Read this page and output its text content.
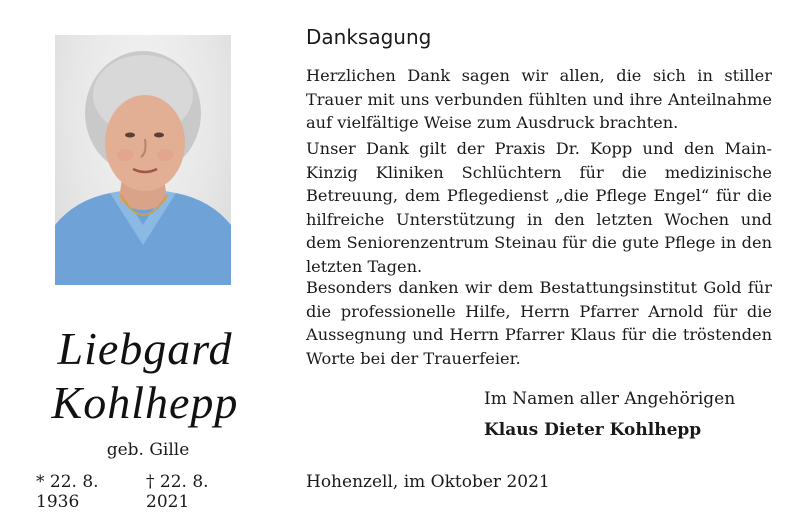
Liebgard
Kohlhepp
geb. Gille
* 22. 8. 1936
† 22. 8. 2021
Danksagung

Herzlichen Dank sagen wir allen, die sich in stiller Trauer mit uns verbunden fühlten und ihre Anteilnahme auf vielfältige Weise zum Ausdruck brachten.

Unser Dank gilt der Praxis Dr. Kopp und den Main-Kinzig Kliniken Schlüchtern für die medizinische Betreuung, dem Pflegedienst „die Pflege Engel“ für die hilfreiche Unterstützung in den letzten Wochen und dem Seniorenzentrum Steinau für die gute Pflege in den letzten Tagen.

Besonders danken wir dem Bestattungsinstitut Gold für die professionelle Hilfe, Herrn Pfarrer Arnold für die Aussegnung und Herrn Pfarrer Klaus für die tröstenden Worte bei der Trauerfeier.

Im Namen aller Angehörigen
Klaus Dieter Kohlhepp
Hohenzell, im Oktober 2021
